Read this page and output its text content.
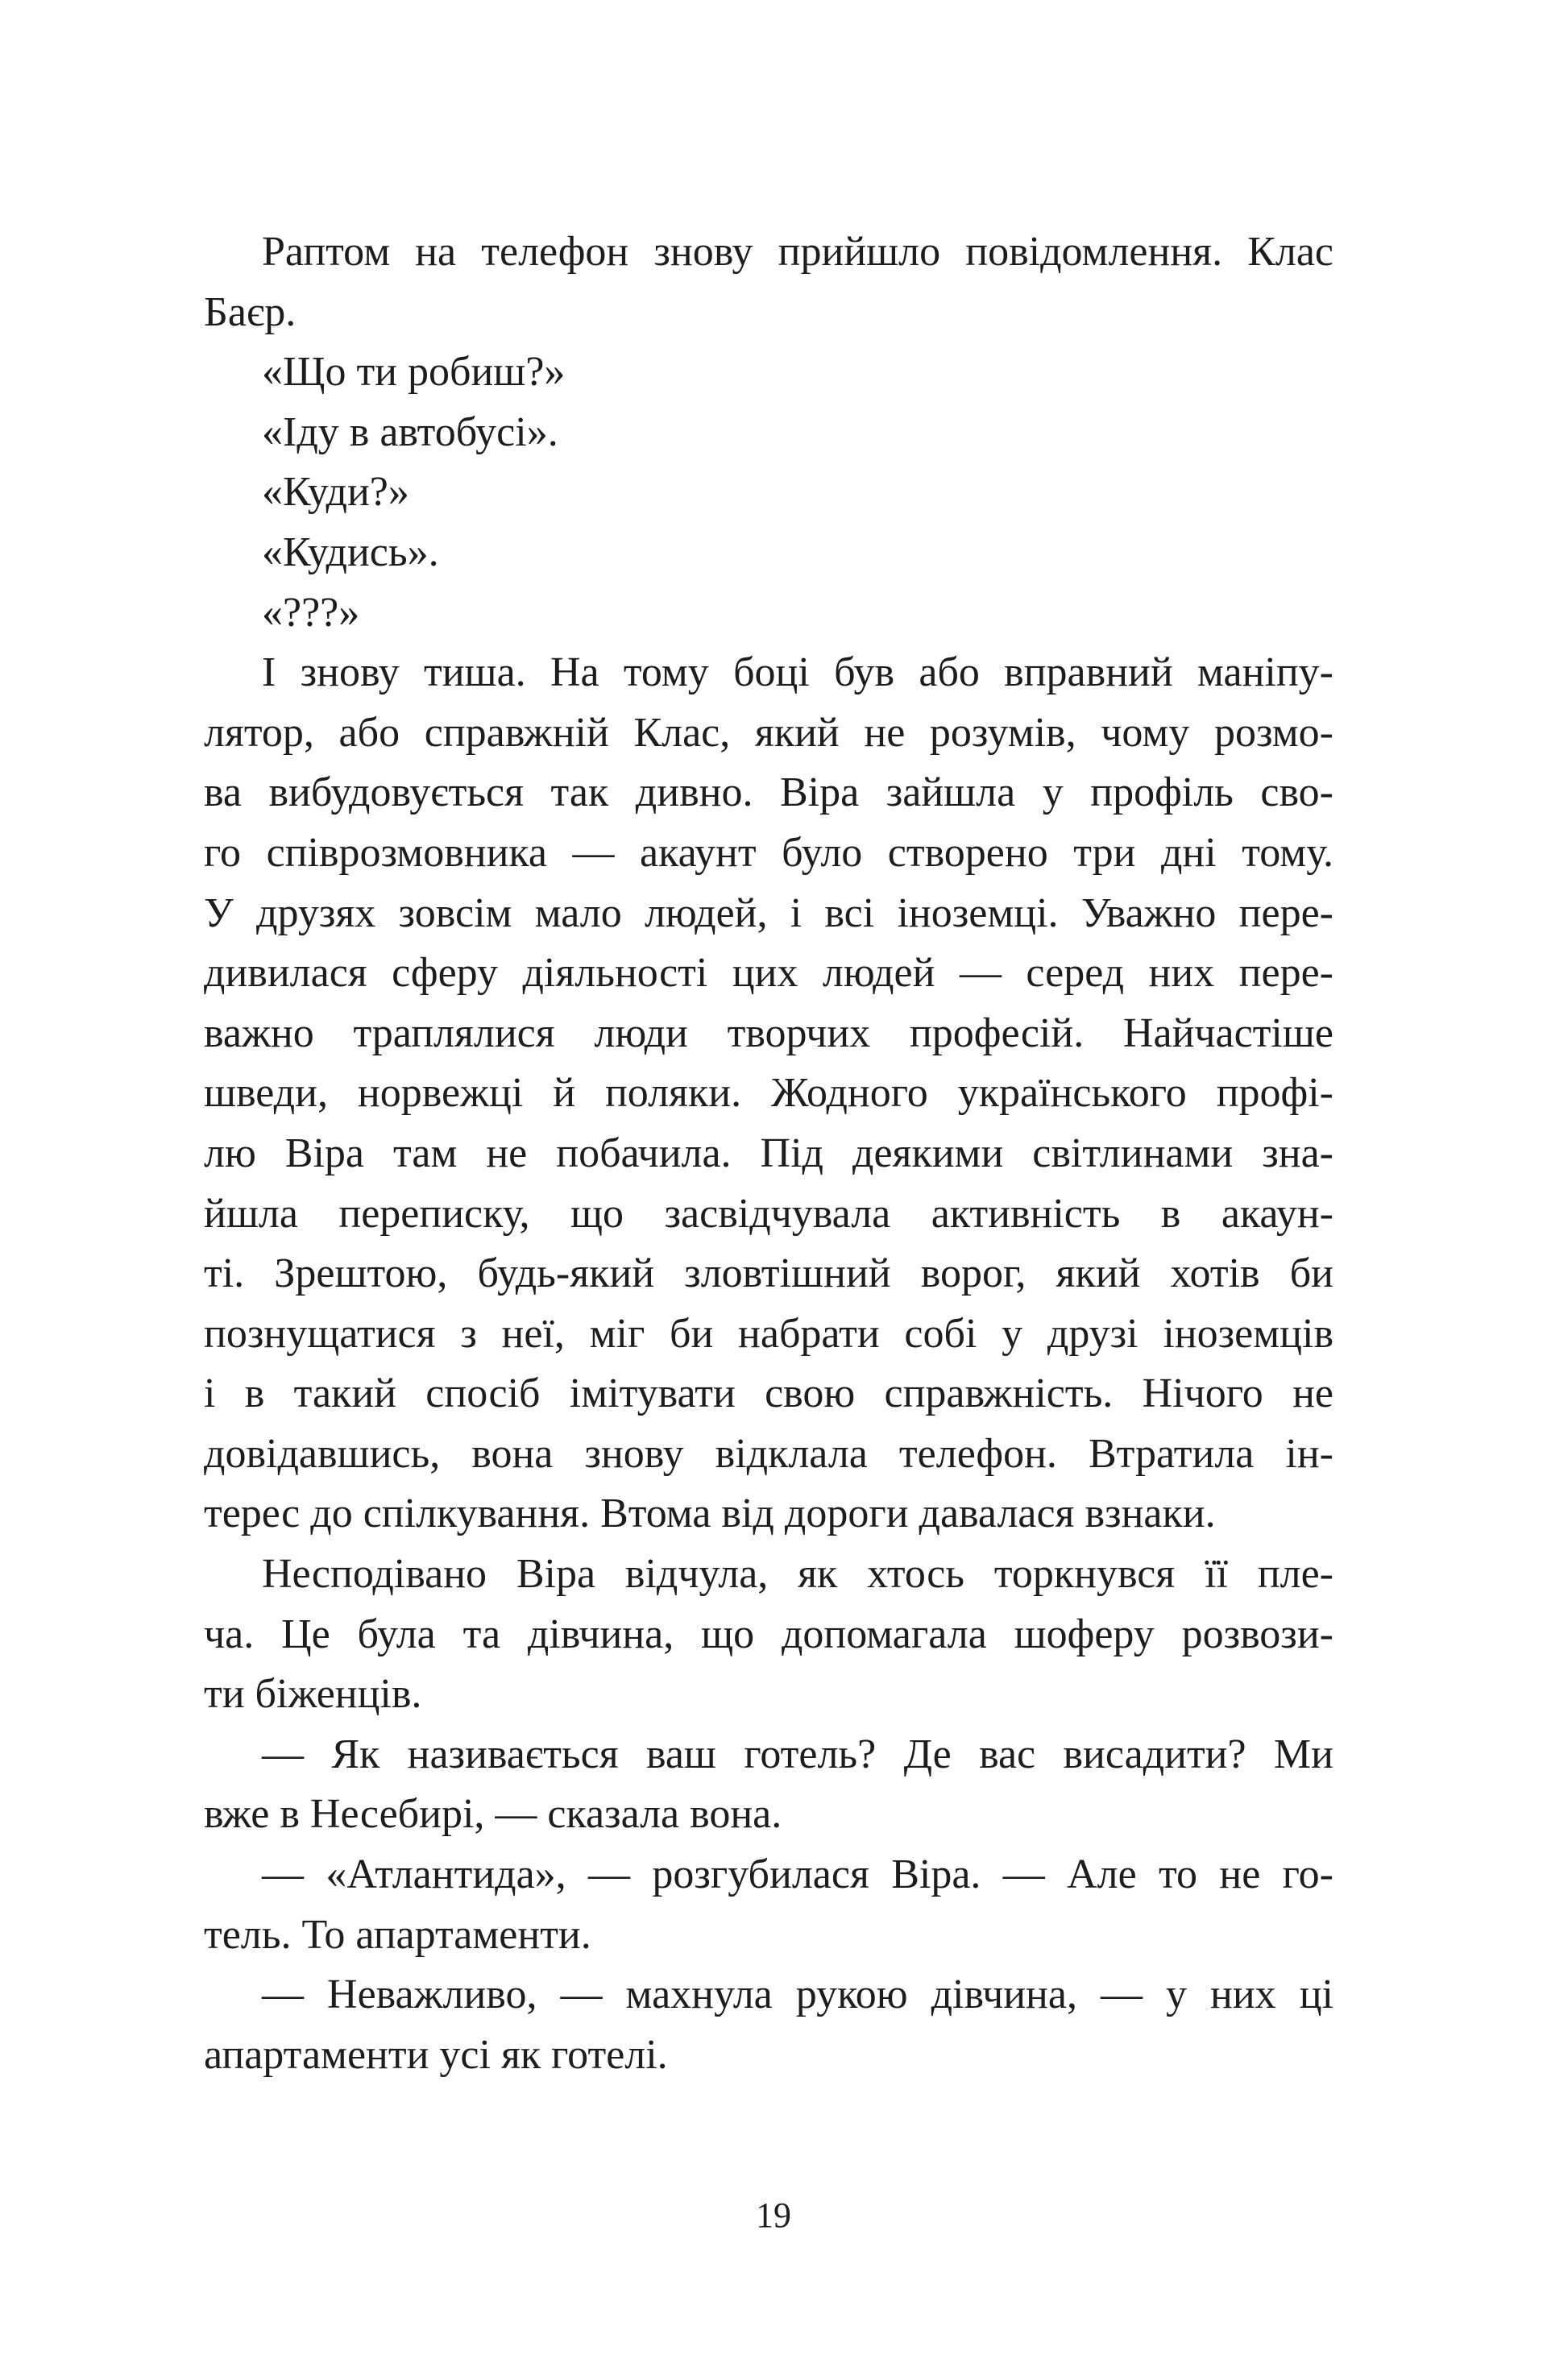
Раптом на телефон знову прийшло повідомлення. Клас
Баєр.
«Що ти робиш?»
«Іду в автобусі».
«Куди?»
«Кудись».
«???»
І знову тиша. На тому боці був або вправний маніпу-
лятор, або справжній Клас, який не розумів, чому розмо-
ва вибудовується так дивно. Віра зайшла у профіль сво-
го співрозмовника — акаунт було створено три дні тому.
У друзях зовсім мало людей, і всі іноземці. Уважно пере-
дивилася сферу діяльності цих людей — серед них пере-
важно траплялися люди творчих професій. Найчастіше
шведи, норвежці й поляки. Жодного українського профі-
лю Віра там не побачила. Під деякими світлинами зна-
йшла переписку, що засвідчувала активність в акаун-
ті. Зрештою, будь-який зловтішний ворог, який хотів би
познущатися з неї, міг би набрати собі у друзі іноземців
і в такий спосіб імітувати свою справжність. Нічого не
довідавшись, вона знову відклала телефон. Втратила ін-
терес до спілкування. Втома від дороги давалася взнаки.
Несподівано Віра відчула, як хтось торкнувся її пле-
ча. Це була та дівчина, що допомагала шоферу розвози-
ти біженців.
— Як називається ваш готель? Де вас висадити? Ми
вже в Несебирі, — сказала вона.
— «Атлантида», — розгубилася Віра. — Але то не го-
тель. То апартаменти.
— Неважливо, — махнула рукою дівчина, — у них ці
апартаменти усі як готелі.
19
